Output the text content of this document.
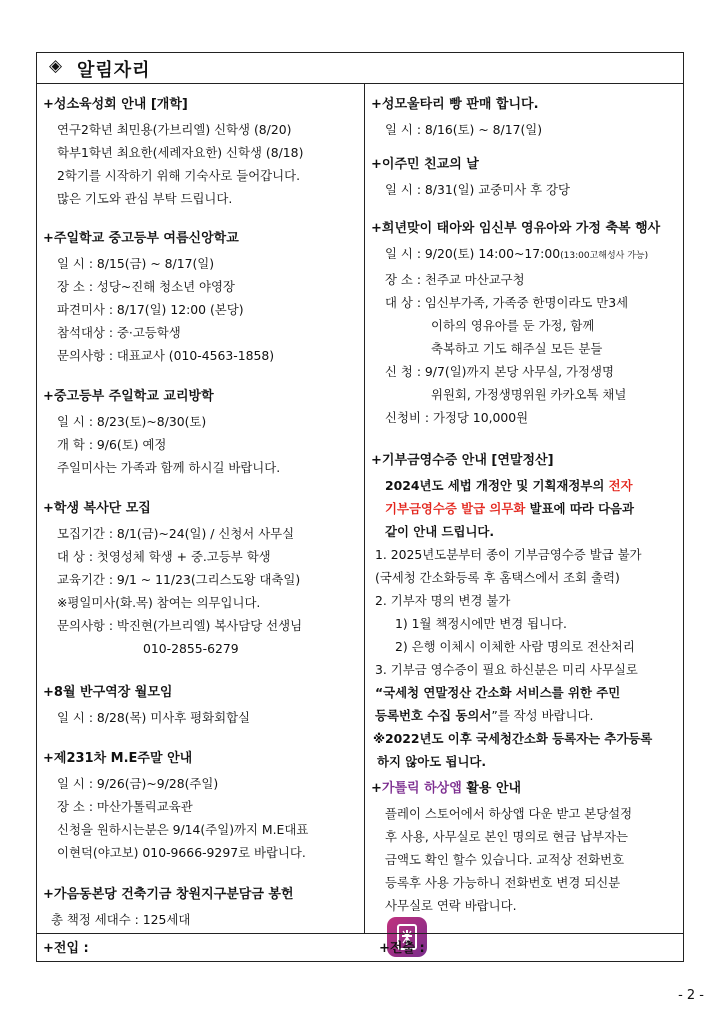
◈ 알림자리
+성소육성회 안내 [개학]
연구2학년 최민용(가브리엘) 신학생 (8/20)
학부1학년 최요한(세례자요한) 신학생 (8/18)
2학기를 시작하기 위해 기숙사로 들어갑니다.
많은 기도와 관심 부탁 드립니다.
+주일학교 중고등부 여름신앙학교
일 시 : 8/15(금) ~ 8/17(일)
장 소 : 성당~진해 청소년 야영장
파견미사 : 8/17(일) 12:00 (본당)
참석대상 : 중·고등학생
문의사항 : 대표교사 (010-4563-1858)
+중고등부 주일학교 교리방학
일 시 : 8/23(토)~8/30(토)
개 학 : 9/6(토) 예정
주일미사는 가족과 함께 하시길 바랍니다.
+학생 복사단 모집
모집기간 : 8/1(금)~24(일) / 신청서 사무실
대 상 : 첫영성체 학생 + 중.고등부 학생
교육기간 : 9/1 ~ 11/23(그리스도왕 대축일)
※평일미사(화.목) 참여는 의무입니다.
문의사항 : 박진현(가브리엘) 복사담당 선생님
010-2855-6279
+8월 반구역장 월모임
일 시 : 8/28(목) 미사후 평화회합실
+제231차 M.E주말 안내
일 시 : 9/26(금)~9/28(주일)
장 소 : 마산가톨릭교육관
신청을 원하시는분은 9/14(주일)까지 M.E대표
이현덕(야고보) 010-9666-9297로 바랍니다.
+가음동본당 건축기금 창원지구분담금 봉헌
총 책정 세대수 : 125세대
+성모울타리 빵 판매 합니다.
일 시 : 8/16(토) ~ 8/17(일)
+이주민 친교의 날
일 시 : 8/31(일) 교중미사 후 강당
+희년맞이 태아와 임신부 영유아와 가정 축복 행사
일 시 : 9/20(토) 14:00~17:00(13:00고해성사 가능)
장 소 : 천주교 마산교구청
대 상 : 임신부가족, 가족중 한명이라도 만3세
이하의 영유아를 둔 가정, 함께
축복하고 기도 해주실 모든 분들
신 청 : 9/7(일)까지 본당 사무실, 가정생명
위원회, 가정생명위원 카카오톡 채널
신청비 : 가정당 10,000원
+기부금영수증 안내 [연말정산]
2024년도 세법 개정안 및 기획재정부의 전자
기부금영수증 발급 의무화 발표에 따라 다음과
같이 안내 드립니다.
1. 2025년도분부터 종이 기부금영수증 발급 불가
(국세청 간소화등록 후 홈택스에서 조회 출력)
2. 기부자 명의 변경 불가
1) 1월 책정시에만 변경 됩니다.
2) 은행 이체시 이체한 사람 명의로 전산처리
3. 기부금 영수증이 필요 하신분은 미리 사무실로
“국세청 연말정산 간소화 서비스를 위한 주민
등록번호 수집 동의서”를 작성 바랍니다.
※2022년도 이후 국세청간소화 등록자는 추가등록
하지 않아도 됩니다.
+가톨릭 하상앱 활용 안내
플레이 스토어에서 하상앱 다운 받고 본당설정
후 사용, 사무실로 본인 명의로 현금 납부자는
금액도 확인 할수 있습니다. 교적상 전화번호
등록후 사용 가능하니 전화번호 변경 되신분
사무실로 연락 바랍니다.
+전입 :	+전출 :
- 2 -
